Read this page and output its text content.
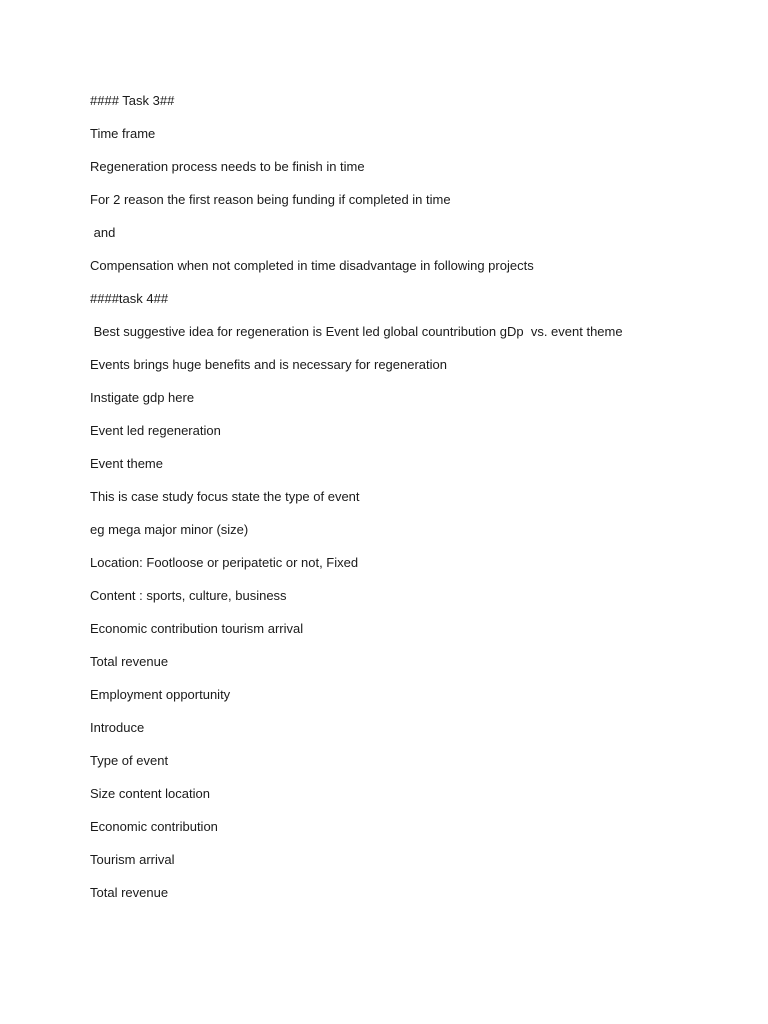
#### Task 3##
Time frame
Regeneration process needs to be finish in time
For 2 reason the first reason being funding if completed in time
and
Compensation when not completed in time disadvantage in following projects
####task 4##
Best suggestive idea for regeneration is Event led global countribution gDp  vs. event theme
Events brings huge benefits and is necessary for regeneration
Instigate gdp here
Event led regeneration
Event theme
This is case study focus state the type of event
eg mega major minor (size)
Location: Footloose or peripatetic or not, Fixed
Content : sports, culture, business
Economic contribution tourism arrival
Total revenue
Employment opportunity
Introduce
Type of event
Size content location
Economic contribution
Tourism arrival
Total revenue
